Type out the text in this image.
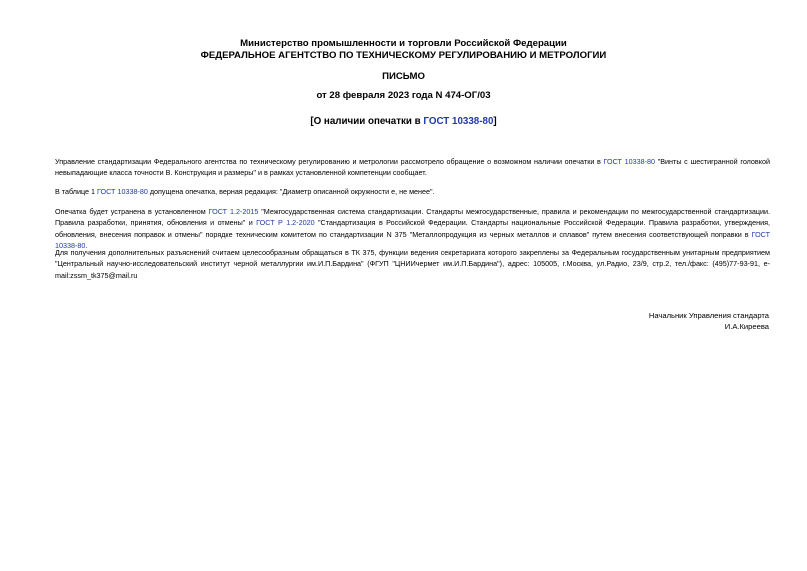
Министерство промышленности и торговли Российской Федерации
ФЕДЕРАЛЬНОЕ АГЕНТСТВО ПО ТЕХНИЧЕСКОМУ РЕГУЛИРОВАНИЮ И МЕТРОЛОГИИ
ПИСЬМО
от 28 февраля 2023 года N 474-ОГ/03
[О наличии опечатки в ГОСТ 10338-80]

Управление стандартизации Федерального агентства по техническому регулированию и метрологии рассмотрело обращение о возможном наличии опечатки в ГОСТ 10338-80 "Винты с шестигранной головкой невыпадающие класса точности В. Конструкция и размеры" и в рамках установленной компетенции сообщает.

В таблице 1 ГОСТ 10338-80 допущена опечатка, верная редакция: "Диаметр описанной окружности е, не менее".

Опечатка будет устранена в установленном ГОСТ 1.2-2015 "Межгосударственная система стандартизации. Стандарты межгосударственные, правила и рекомендации по межгосударственной стандартизации. Правила разработки, принятия, обновления и отмены" и ГОСТ Р 1.2-2020 "Стандартизация в Российской Федерации. Стандарты национальные Российской Федерации. Правила разработки, утверждения, обновления, внесения поправок и отмены" порядке техническим комитетом по стандартизации N 375 "Металлопродукция из черных металлов и сплавов" путем внесения соответствующей поправки в ГОСТ 10338-80.

Для получения дополнительных разъяснений считаем целесообразным обращаться в ТК 375, функции ведения секретариата которого закреплены за Федеральным государственным унитарным предприятием "Центральный научно-исследовательский институт черной металлургии им.И.П.Бардина" (ФГУП "ЦНИИчермет им.И.П.Бардина"), адрес: 105005, г.Москва, ул.Радио, 23/9, стр.2, тел./факс: (495)77-93-91, e-mail:zssm_tk375@mail.ru

Начальник Управления стандарта
И.А.Киреева
